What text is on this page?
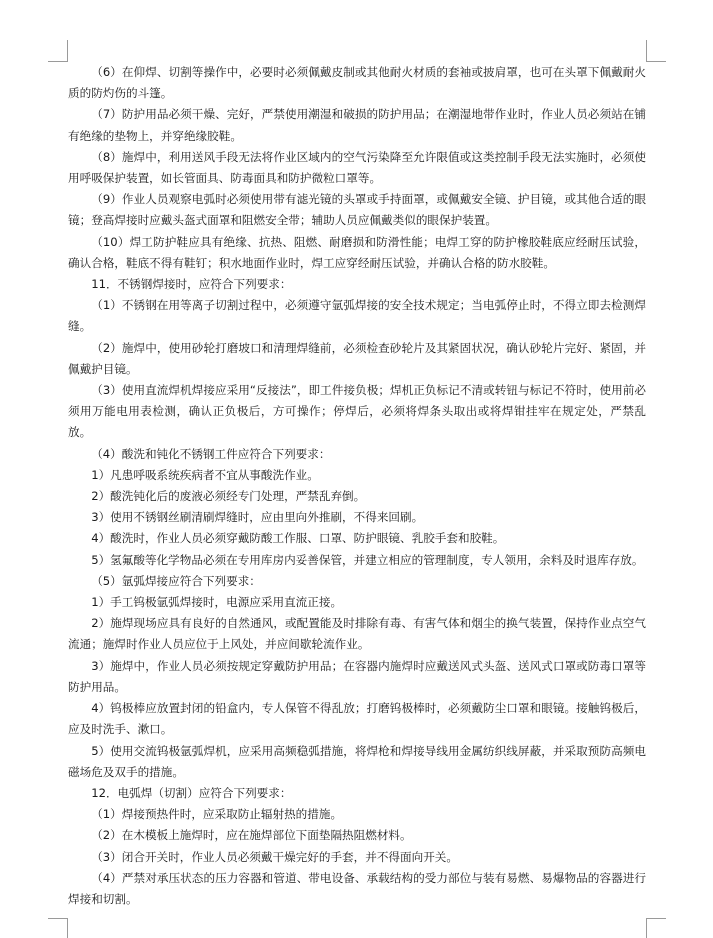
（6）在仰焊、切割等操作中，必要时必须佩戴皮制或其他耐火材质的套袖或披肩罩，也可在头罩下佩戴耐火质的防灼伤的斗篷。

（7）防护用品必须干燥、完好，严禁使用潮湿和破损的防护用品；在潮湿地带作业时，作业人员必须站在铺有绝缘的垫物上，并穿绝缘胶鞋。

（8）施焊中，利用送风手段无法将作业区域内的空气污染降至允许限值或这类控制手段无法实施时，必须使用呼吸保护装置，如长管面具、防毒面具和防护微粒口罩等。

（9）作业人员观察电弧时必须使用带有滤光镜的头罩或手持面罩，或佩戴安全镜、护目镜，或其他合适的眼镜；登高焊接时应戴头盔式面罩和阻燃安全带；辅助人员应佩戴类似的眼保护装置。

（10）焊工防护鞋应具有绝缘、抗热、阻燃、耐磨损和防滑性能；电焊工穿的防护橡胶鞋底应经耐压试验，确认合格，鞋底不得有鞋钉；积水地面作业时，焊工应穿经耐压试验，并确认合格的防水胶鞋。

11．不锈钢焊接时，应符合下列要求：

（1）不锈钢在用等离子切割过程中，必须遵守氩弧焊接的安全技术规定；当电弧停止时，不得立即去检测焊缝。

（2）施焊中，使用砂轮打磨坡口和清理焊缝前，必须检查砂轮片及其紧固状况，确认砂轮片完好、紧固，并佩戴护目镜。

（3）使用直流焊机焊接应采用“反接法”，即工件接负极；焊机正负标记不清或转钮与标记不符时，使用前必须用万能电用表检测，确认正负极后，方可操作；停焊后，必须将焊条头取出或将焊钳挂牢在规定处，严禁乱放。

（4）酸洗和钝化不锈钢工件应符合下列要求：

1）凡患呼吸系统疾病者不宜从事酸洗作业。

2）酸洗钝化后的废液必须经专门处理，严禁乱弃倒。

3）使用不锈钢丝刷清刷焊缝时，应由里向外推刷，不得来回刷。

4）酸洗时，作业人员必须穿戴防酸工作服、口罩、防护眼镜、乳胶手套和胶鞋。

5）氢氟酸等化学物品必须在专用库房内妥善保管，并建立相应的管理制度，专人领用，余料及时退库存放。

（5）氩弧焊接应符合下列要求：

1）手工钨极氩弧焊接时，电源应采用直流正接。

2）施焊现场应具有良好的自然通风，或配置能及时排除有毒、有害气体和烟尘的换气装置，保持作业点空气流通；施焊时作业人员应位于上风处，并应间歇轮流作业。

3）施焊中，作业人员必须按规定穿戴防护用品；在容器内施焊时应戴送风式头盔、送风式口罩或防毒口罩等防护用品。

4）钨极棒应放置封闭的铅盒内，专人保管不得乱放；打磨钨极棒时，必须戴防尘口罩和眼镜。接触钨极后，应及时洗手、漱口。

5）使用交流钨极氩弧焊机，应采用高频稳弧措施，将焊枪和焊接导线用金属纺织线屏蔽，并采取预防高频电磁场危及双手的措施。

12．电弧焊（切割）应符合下列要求：

（1）焊接预热件时，应采取防止辐射热的措施。

（2）在木模板上施焊时，应在施焊部位下面垫隔热阻燃材料。

（3）闭合开关时，作业人员必须戴干燥完好的手套，并不得面向开关。

（4）严禁对承压状态的压力容器和管道、带电设备、承载结构的受力部位与装有易燃、易爆物品的容器进行焊接和切割。
